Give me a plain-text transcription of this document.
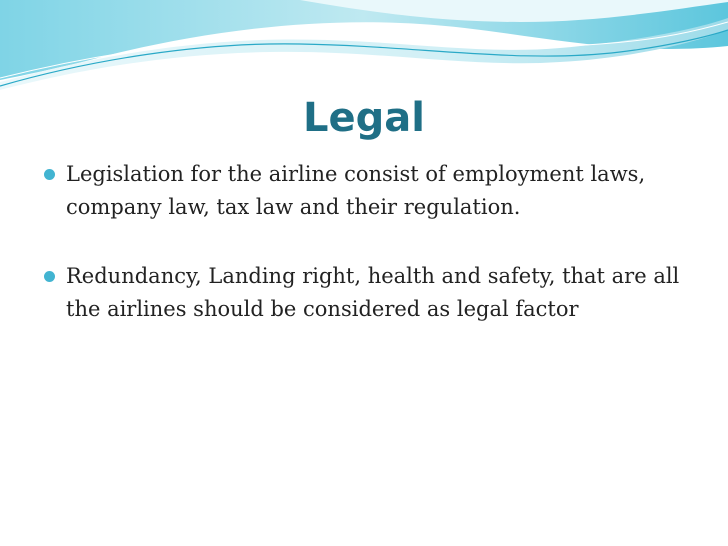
Legal
Legislation for the airline consist of employment laws, company law, tax law and their regulation.
Redundancy, Landing right, health and safety, that are all the airlines should be considered as legal factor
